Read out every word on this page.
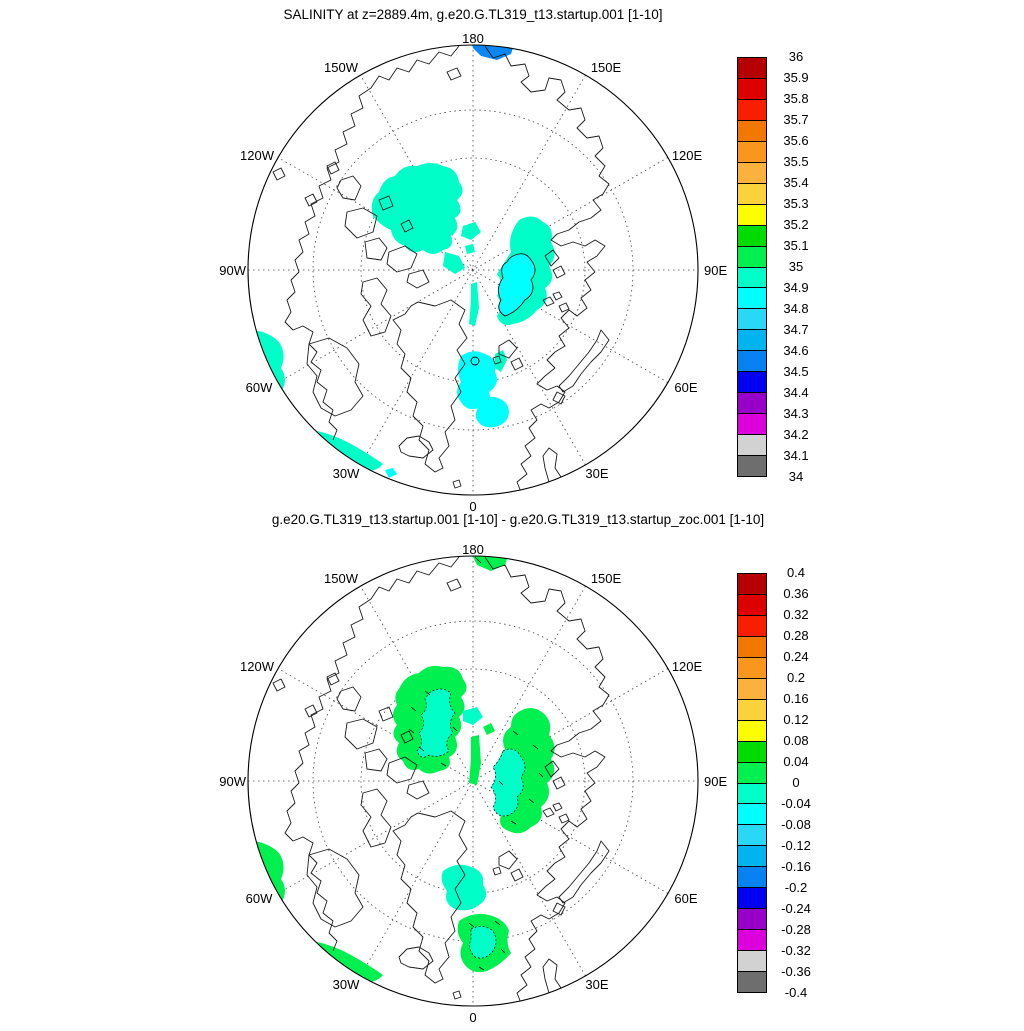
SALINITY at z=2889.4m, g.e20.G.TL319_t13.startup.001 [1-10]
180
150W	150E
120W	120E
90W	90E
60W	60E
30W	30E
0
36
35.9
35.8
35.7
35.6
35.5
35.4
35.3
35.2
35.1
35
34.9
34.8
34.7
34.6
34.5
34.4
34.3
34.2
34.1
34
g.e20.G.TL319_t13.startup.001 [1-10] - g.e20.G.TL319_t13.startup_zoc.001 [1-10]
180
150W	150E
120W	120E
90W	90E
60W	60E
30W	30E
0
0.4
0.36
0.32
0.28
0.24
0.2
0.16
0.12
0.08
0.04
0
-0.04
-0.08
-0.12
-0.16
-0.2
-0.24
-0.28
-0.32
-0.36
-0.4
